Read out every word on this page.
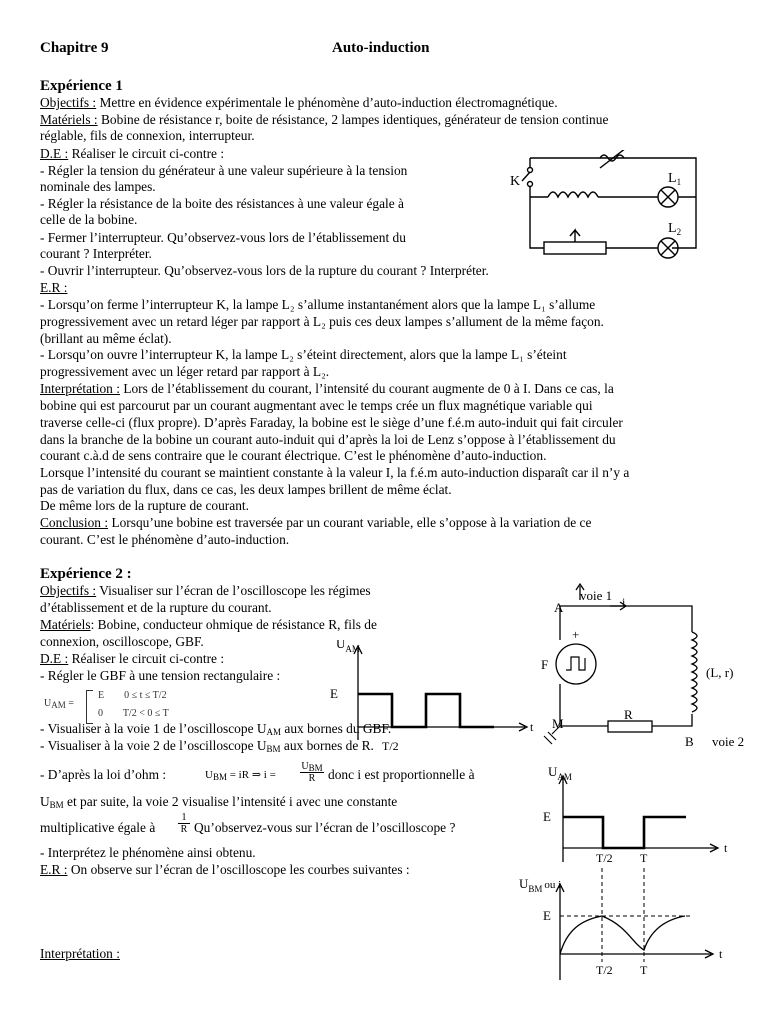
Chapitre 9	Auto-induction
Expérience 1
Objectifs : Mettre en évidence expérimentale le phénomène d’auto-induction électromagnétique.
Matériels : Bobine de résistance r, boite de résistance, 2 lampes identiques, générateur de tension continue
réglable, fils de connexion, interrupteur.
D.E : Réaliser le circuit ci-contre :
- Régler la tension du générateur à une valeur supérieure à la tension
nominale des lampes.
- Régler la résistance de la boite des résistances à une valeur égale à
celle de la bobine.
- Fermer l’interrupteur. Qu’observez-vous lors de l’établissement du
courant ? Interpréter.
- Ouvrir l’interrupteur. Qu’observez-vous lors de la rupture du courant ? Interpréter.
E.R :
- Lorsqu’on ferme l’interrupteur K, la lampe L₂ s’allume instantanément alors que la lampe L₁ s’allume
progressivement avec un retard léger par rapport à L₂ puis ces deux lampes s’allument de la même façon.
(brillant au même éclat).
- Lorsqu’on ouvre l’interrupteur K, la lampe L₂ s’éteint directement, alors que la lampe L₁ s’éteint
progressivement avec un léger retard par rapport à L₂.
Interprétation : Lors de l’établissement du courant, l’intensité du courant augmente de 0 à I. Dans ce cas, la
bobine qui est parcourut par un courant augmentant avec le temps crée un flux magnétique variable qui
traverse celle-ci (flux propre). D’après Faraday, la bobine est le siège d’une f.é.m auto-induit qui fait circuler
dans la branche de la bobine un courant auto-induit qui d’après la loi de Lenz s’oppose à l’établissement du
courant c.à.d de sens contraire que le courant électrique. C’est le phénomène d’auto-induction.
Lorsque l’intensité du courant se maintient constante à la valeur I, la f.é.m auto-induction disparaît car il n’y a
pas de variation du flux, dans ce cas, les deux lampes brillent de même éclat.
De même lors de la rupture de courant.
Conclusion : Lorsqu’une bobine est traversée par un courant variable, elle s’oppose à la variation de ce
courant. C’est le phénomène d’auto-induction.
K	$L_1$
$L_2$
Expérience 2 :
Objectifs : Visualiser sur l’écran de l’oscilloscope les régimes
d’établissement et de la rupture du courant.
Matériels: Bobine, conducteur ohmique de résistance R, fils de
connexion, oscilloscope, GBF.
D.E : Réaliser le circuit ci-contre :
- Régler le GBF à une tension rectangulaire :
$U_{AM}$ =
E        0 ≤ t ≤ T/2
0        T/2 < 0 ≤ T
- Visualiser à la voie 1 de l’oscilloscope $U_{AM}$ aux bornes du GBF.
- Visualiser à la voie 2 de l’oscilloscope $U_{BM}$ aux bornes de R.
- D’après la loi d’ohm :	$U_{BM}$ = iR ⇒ i =
$U_{BM}$
R donc i est proportionnelle à
$U_{BM}$ et par suite, la voie 2 visualise l’intensité i avec une constante
multiplicative égale à $\frac{1}{R}$ Qu’observez-vous sur l’écran de l’oscilloscope ?
- Interprétez le phénomène ainsi obtenu.
E.R : On observe sur l’écran de l’oscilloscope les courbes suivantes :
Interprétation :
$U_{AM}$
E
t
T/2
voie 1 i
A
+
F
(L, r)
R
M
B voie 2
$U_{AM}$
E
t
T/2 T
$U_{BM}$ $^{ou i}$
E
t
T/2 T
